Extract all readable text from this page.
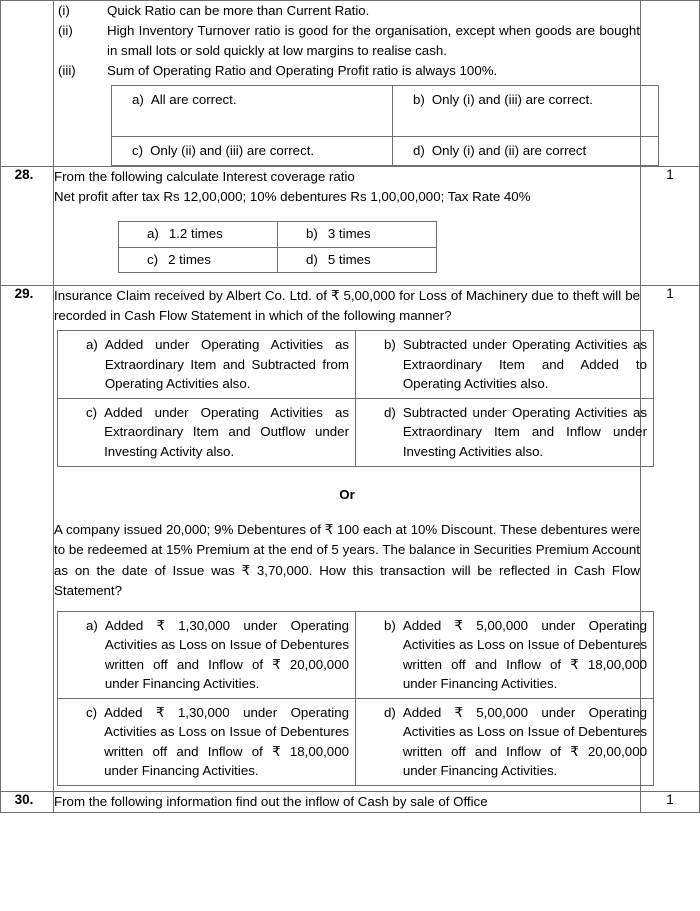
(i)	Quick Ratio can be more than Current Ratio.
(ii)	High Inventory Turnover ratio is good for the organisation, except when goods are bought in small lots or sold quickly at low margins to realise cash.
(iii)	Sum of Operating Ratio and Operating Profit ratio is always 100%.
a) All are correct.	b) Only (i) and (iii) are correct.

c) Only (ii) and (iii) are correct.	d) Only (i) and (ii) are correct

28.	From the following calculate Interest coverage ratio
Net profit after tax Rs 12,00,000; 10% debentures Rs 1,00,00,000; Tax Rate 40%
a) 1.2 times	b) 3 times

c) 2 times	d) 5 times
	1

29.	Insurance Claim received by Albert Co. Ltd. of ₹ 5,00,000 for Loss of Machinery due to theft will be recorded in Cash Flow Statement in which of the following manner?
a) Added under Operating Activities as Extraordinary Item and Subtracted from Operating Activities also.

b) Subtracted under Operating Activities as Extraordinary Item and Added to Operating Activities also.

c) Added under Operating Activities as Extraordinary Item and Outflow under Investing Activity also.

d) Subtracted under Operating Activities as Extraordinary Item and Inflow under Investing Activities also.
Or
A company issued 20,000; 9% Debentures of ₹ 100 each at 10% Discount. These debentures were to be redeemed at 15% Premium at the end of 5 years. The balance in Securities Premium Account as on the date of Issue was ₹ 3,70,000. How this transaction will be reflected in Cash Flow Statement?
a) Added ₹ 1,30,000 under Operating Activities as Loss on Issue of Debentures written off and Inflow of ₹ 20,00,000 under Financing Activities.

b) Added ₹ 5,00,000 under Operating Activities as Loss on Issue of Debentures written off and Inflow of ₹ 18,00,000 under Financing Activities.

c) Added ₹ 1,30,000 under Operating Activities as Loss on Issue of Debentures written off and Inflow of ₹ 18,00,000 under Financing Activities.

d) Added ₹ 5,00,000 under Operating Activities as Loss on Issue of Debentures written off and Inflow of ₹ 20,00,000 under Financing Activities.
	1

30.	From the following information find out the inflow of Cash by sale of Office	1
